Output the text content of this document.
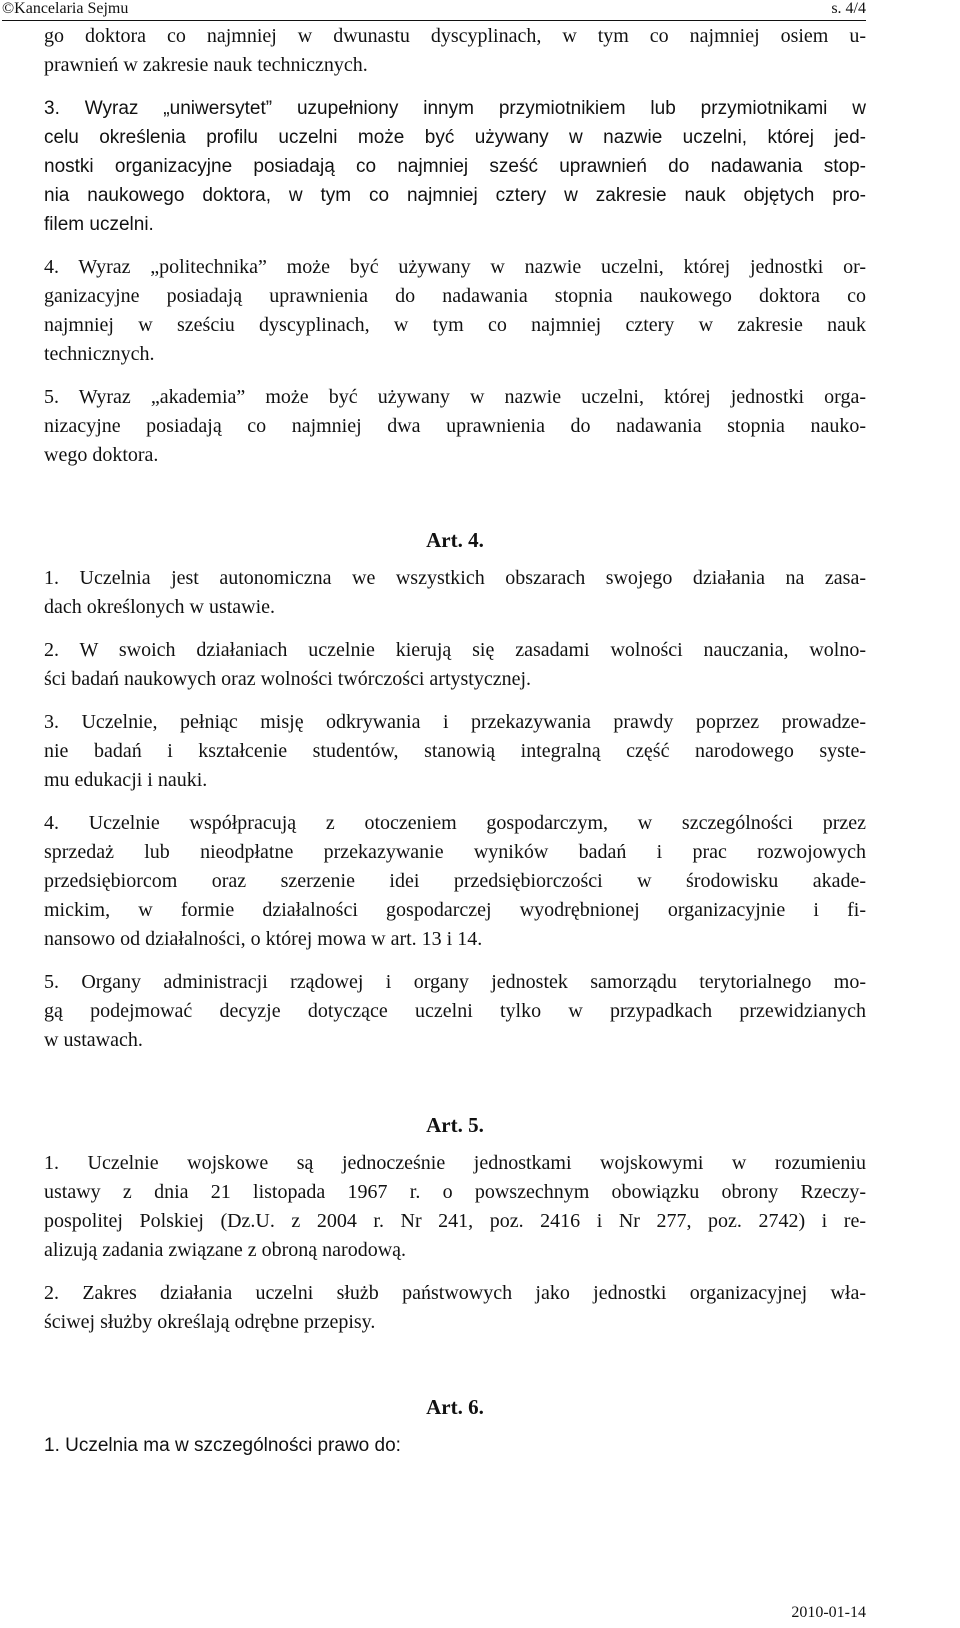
©Kancelaria Sejmu	s. 4/4
go doktora co najmniej w dwunastu dyscyplinach, w tym co najmniej osiem u-
prawnień w zakresie nauk technicznych.
3. Wyraz „uniwersytet” uzupełniony innym przymiotnikiem lub przymiotnikami w
celu określenia profilu uczelni może być używany w nazwie uczelni, której jed-
nostki organizacyjne posiadają co najmniej sześć uprawnień do nadawania stop-
nia naukowego doktora, w tym co najmniej cztery w zakresie nauk objętych pro-
filem uczelni.
4. Wyraz „politechnika” może być używany w nazwie uczelni, której jednostki or-
ganizacyjne posiadają uprawnienia do nadawania stopnia naukowego doktora co
najmniej w sześciu dyscyplinach, w tym co najmniej cztery w zakresie nauk
technicznych.
5. Wyraz „akademia” może być używany w nazwie uczelni, której jednostki orga-
nizacyjne posiadają co najmniej dwa uprawnienia do nadawania stopnia nauko-
wego doktora.
Art. 4.
1. Uczelnia jest autonomiczna we wszystkich obszarach swojego działania na zasa-
dach określonych w ustawie.
2. W swoich działaniach uczelnie kierują się zasadami wolności nauczania, wolno-
ści badań naukowych oraz wolności twórczości artystycznej.
3. Uczelnie, pełniąc misję odkrywania i przekazywania prawdy poprzez prowadze-
nie badań i kształcenie studentów, stanowią integralną część narodowego syste-
mu edukacji i nauki.
4. Uczelnie współpracują z otoczeniem gospodarczym, w szczególności przez
sprzedaż lub nieodpłatne przekazywanie wyników badań i prac rozwojowych
przedsiębiorcom oraz szerzenie idei przedsiębiorczości w środowisku akade-
mickim, w formie działalności gospodarczej wyodrębnionej organizacyjnie i fi-
nansowo od działalności, o której mowa w art. 13 i 14.
5. Organy administracji rządowej i organy jednostek samorządu terytorialnego mo-
gą podejmować decyzje dotyczące uczelni tylko w przypadkach przewidzianych
w ustawach.
Art. 5.
1. Uczelnie wojskowe są jednocześnie jednostkami wojskowymi w rozumieniu
ustawy z dnia 21 listopada 1967 r. o powszechnym obowiązku obrony Rzeczy-
pospolitej Polskiej (Dz.U. z 2004 r. Nr 241, poz. 2416 i Nr 277, poz. 2742) i re-
alizują zadania związane z obroną narodową.
2. Zakres działania uczelni służb państwowych jako jednostki organizacyjnej wła-
ściwej służby określają odrębne przepisy.
Art. 6.
1. Uczelnia ma w szczególności prawo do:
2010-01-14
